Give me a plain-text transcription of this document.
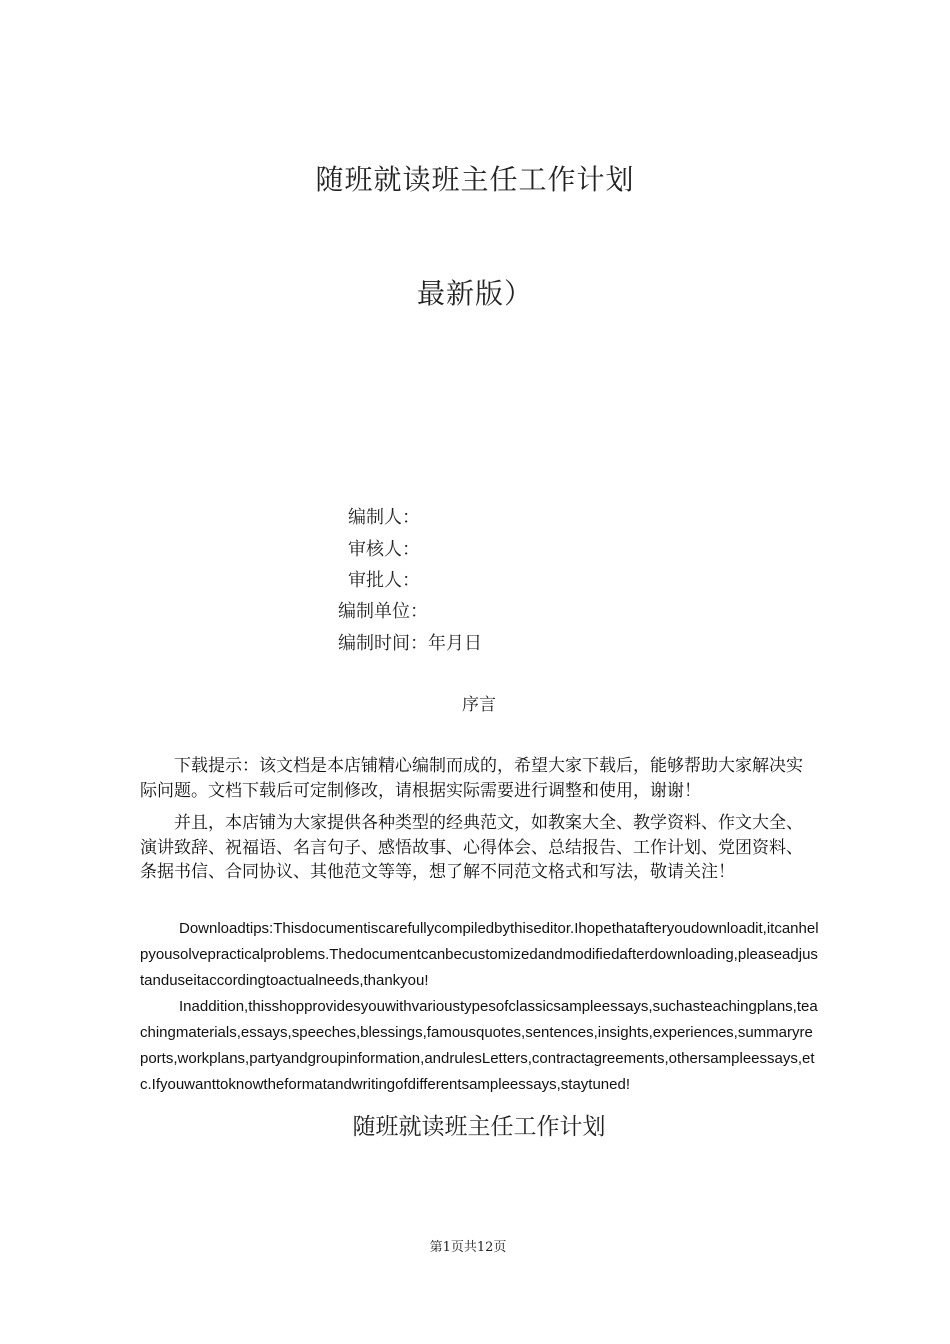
随班就读班主任工作计划
最新版）
编制人：
审核人：
审批人：
编制单位：
编制时间：年月日
序言

下载提示：该文档是本店铺精心编制而成的，希望大家下载后，能够帮助大家解决实际问题。文档下载后可定制修改，请根据实际需要进行调整和使用，谢谢！

并且，本店铺为大家提供各种类型的经典范文，如教案大全、教学资料、作文大全、演讲致辞、祝福语、名言句子、感悟故事、心得体会、总结报告、工作计划、党团资料、条据书信、合同协议、其他范文等等，想了解不同范文格式和写法，敬请关注！

Downloadtips:Thisdocumentiscarefullycompiledbythiseditor.Ihopethatafteryoudownloadit,itcanhelpyousolvepracticalproblems.Thedocumentcanbecustomizedandmodifiedafterdownloading,pleaseadjustanduseitaccordingtoactualneeds,thankyou!

Inaddition,thisshopprovidesyouwithvarioustypesofclassicsampleessays,suchasteachingplans,teachingmaterials,essays,speeches,blessings,famousquotes,sentences,insights,experiences,summaryreports,workplans,partyandgroupinformation,andrulesLetters,contractagreements,othersampleessays,etc.Ifyouwanttoknowtheformatandwritingofdifferentsampleessays,staytuned!

随班就读班主任工作计划
第1页共12页
